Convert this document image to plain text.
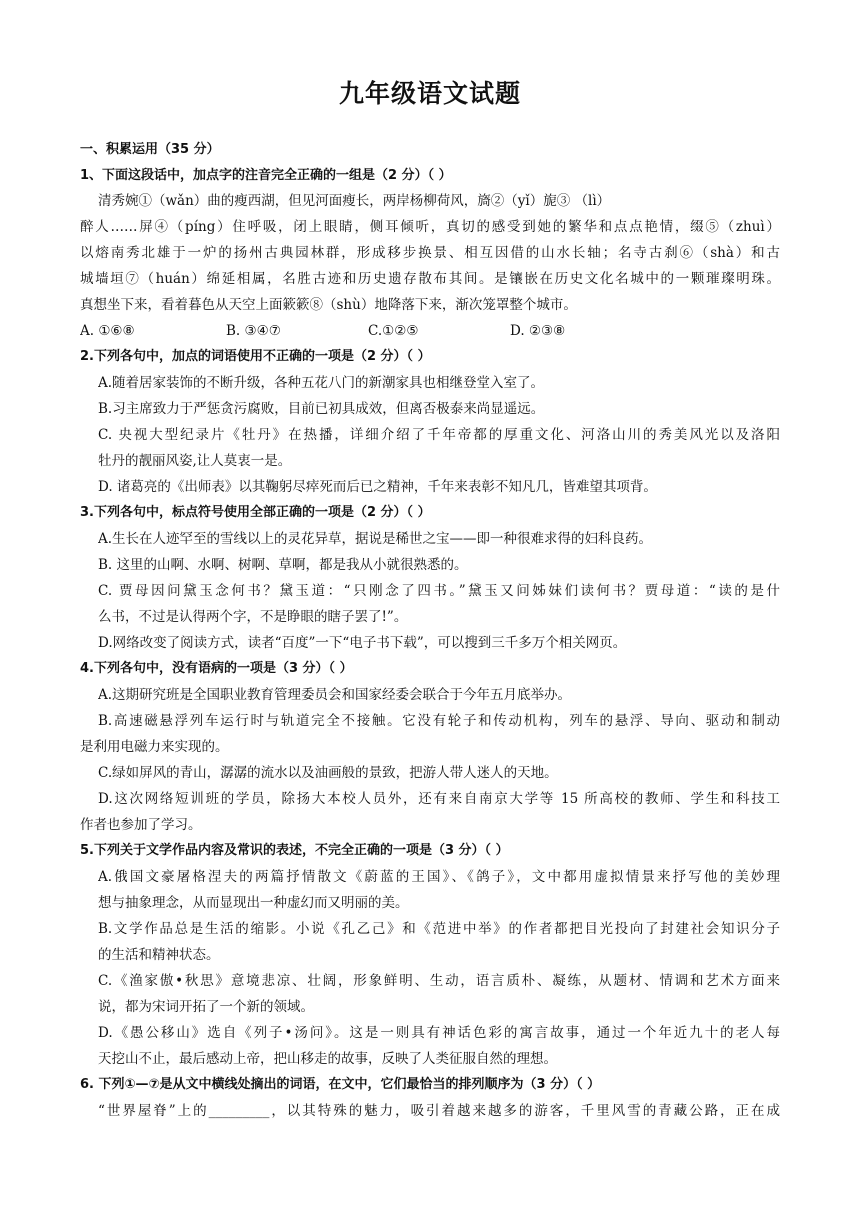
九年级语文试题
一、积累运用（35 分）
1、下面这段话中，加点字的注音完全正确的一组是（2 分）（ ）
清秀婉①（wǎn）曲的瘦西湖，但见河面瘦长，两岸杨柳荷风，旖②（yǐ）旎③ （lì）
醉人……屏④（píng）住呼吸，闭上眼睛，侧耳倾听，真切的感受到她的繁华和点点艳情，缀⑤（zhuì）
以熔南秀北雄于一炉的扬州古典园林群，形成移步换景、相互因借的山水长轴；名寺古刹⑥（shà）和古
城墙垣⑦（huán）绵延相属，名胜古迹和历史遗存散布其间。是镶嵌在历史文化名城中的一颗璀璨明珠。
真想坐下来，看着暮色从天空上面簌簌⑧（shù）地降落下来，渐次笼罩整个城市。
A. ①⑥⑧	B. ③④⑦	C.①②⑤	D. ②③⑧
2.下列各句中，加点的词语使用不正确的一项是（2 分）（ ）
A.随着居家装饰的不断升级，各种五花八门的新潮家具也相继登堂入室了。
B.习主席致力于严惩贪污腐败，目前已初具成效，但离否极泰来尚显遥远。
C. 央视大型纪录片《牡丹》在热播，详细介绍了千年帝都的厚重文化、河洛山川的秀美风光以及洛阳
牡丹的靓丽风姿,让人莫衷一是。
D. 诸葛亮的《出师表》以其鞠躬尽瘁死而后已之精神，千年来表彰不知凡几，皆难望其项背。
3.下列各句中，标点符号使用全部正确的一项是（2 分）（ ）
A.生长在人迹罕至的雪线以上的灵花异草，据说是稀世之宝——即一种很难求得的妇科良药。
B. 这里的山啊、水啊、树啊、草啊，都是我从小就很熟悉的。
C. 贾母因问黛玉念何书？黛玉道：“只刚念了四书。”黛玉又问姊妹们读何书？贾母道：“读的是什
么书，不过是认得两个字，不是睁眼的瞎子罢了!”。
D.网络改变了阅读方式，读者“百度”一下“电子书下载”，可以搜到三千多万个相关网页。
4.下列各句中，没有语病的一项是（3 分）（ ）
A.这期研究班是全国职业教育管理委员会和国家经委会联合于今年五月底举办。
B.高速磁悬浮列车运行时与轨道完全不接触。它没有轮子和传动机构，列车的悬浮、导向、驱动和制动
是利用电磁力来实现的。
C.绿如屏风的青山，潺潺的流水以及油画般的景致，把游人带人迷人的天地。
D.这次网络短训班的学员，除扬大本校人员外，还有来自南京大学等 15 所高校的教师、学生和科技工
作者也参加了学习。
5.下列关于文学作品内容及常识的表述，不完全正确的一项是（3 分）（ ）
A.俄国文豪屠格涅夫的两篇抒情散文《蔚蓝的王国》、《鸽子》，文中都用虚拟情景来抒写他的美妙理
想与抽象理念，从而显现出一种虚幻而又明丽的美。
B.文学作品总是生活的缩影。小说《孔乙己》和《范进中举》的作者都把目光投向了封建社会知识分子
的生活和精神状态。
C.《渔家傲•秋思》意境悲凉、壮阔，形象鲜明、生动，语言质朴、凝练，从题材、情调和艺术方面来
说，都为宋词开拓了一个新的领域。
D.《愚公移山》选自《列子•汤问》。这是一则具有神话色彩的寓言故事，通过一个年近九十的老人每
天挖山不止，最后感动上帝，把山移走的故事，反映了人类征服自然的理想。
6. 下列①—⑦是从文中横线处摘出的词语，在文中，它们最恰当的排列顺序为（3 分）（ ）
“世界屋脊”上的_________，以其特殊的魅力，吸引着越来越多的游客，千里风雪的青藏公路，正在成
